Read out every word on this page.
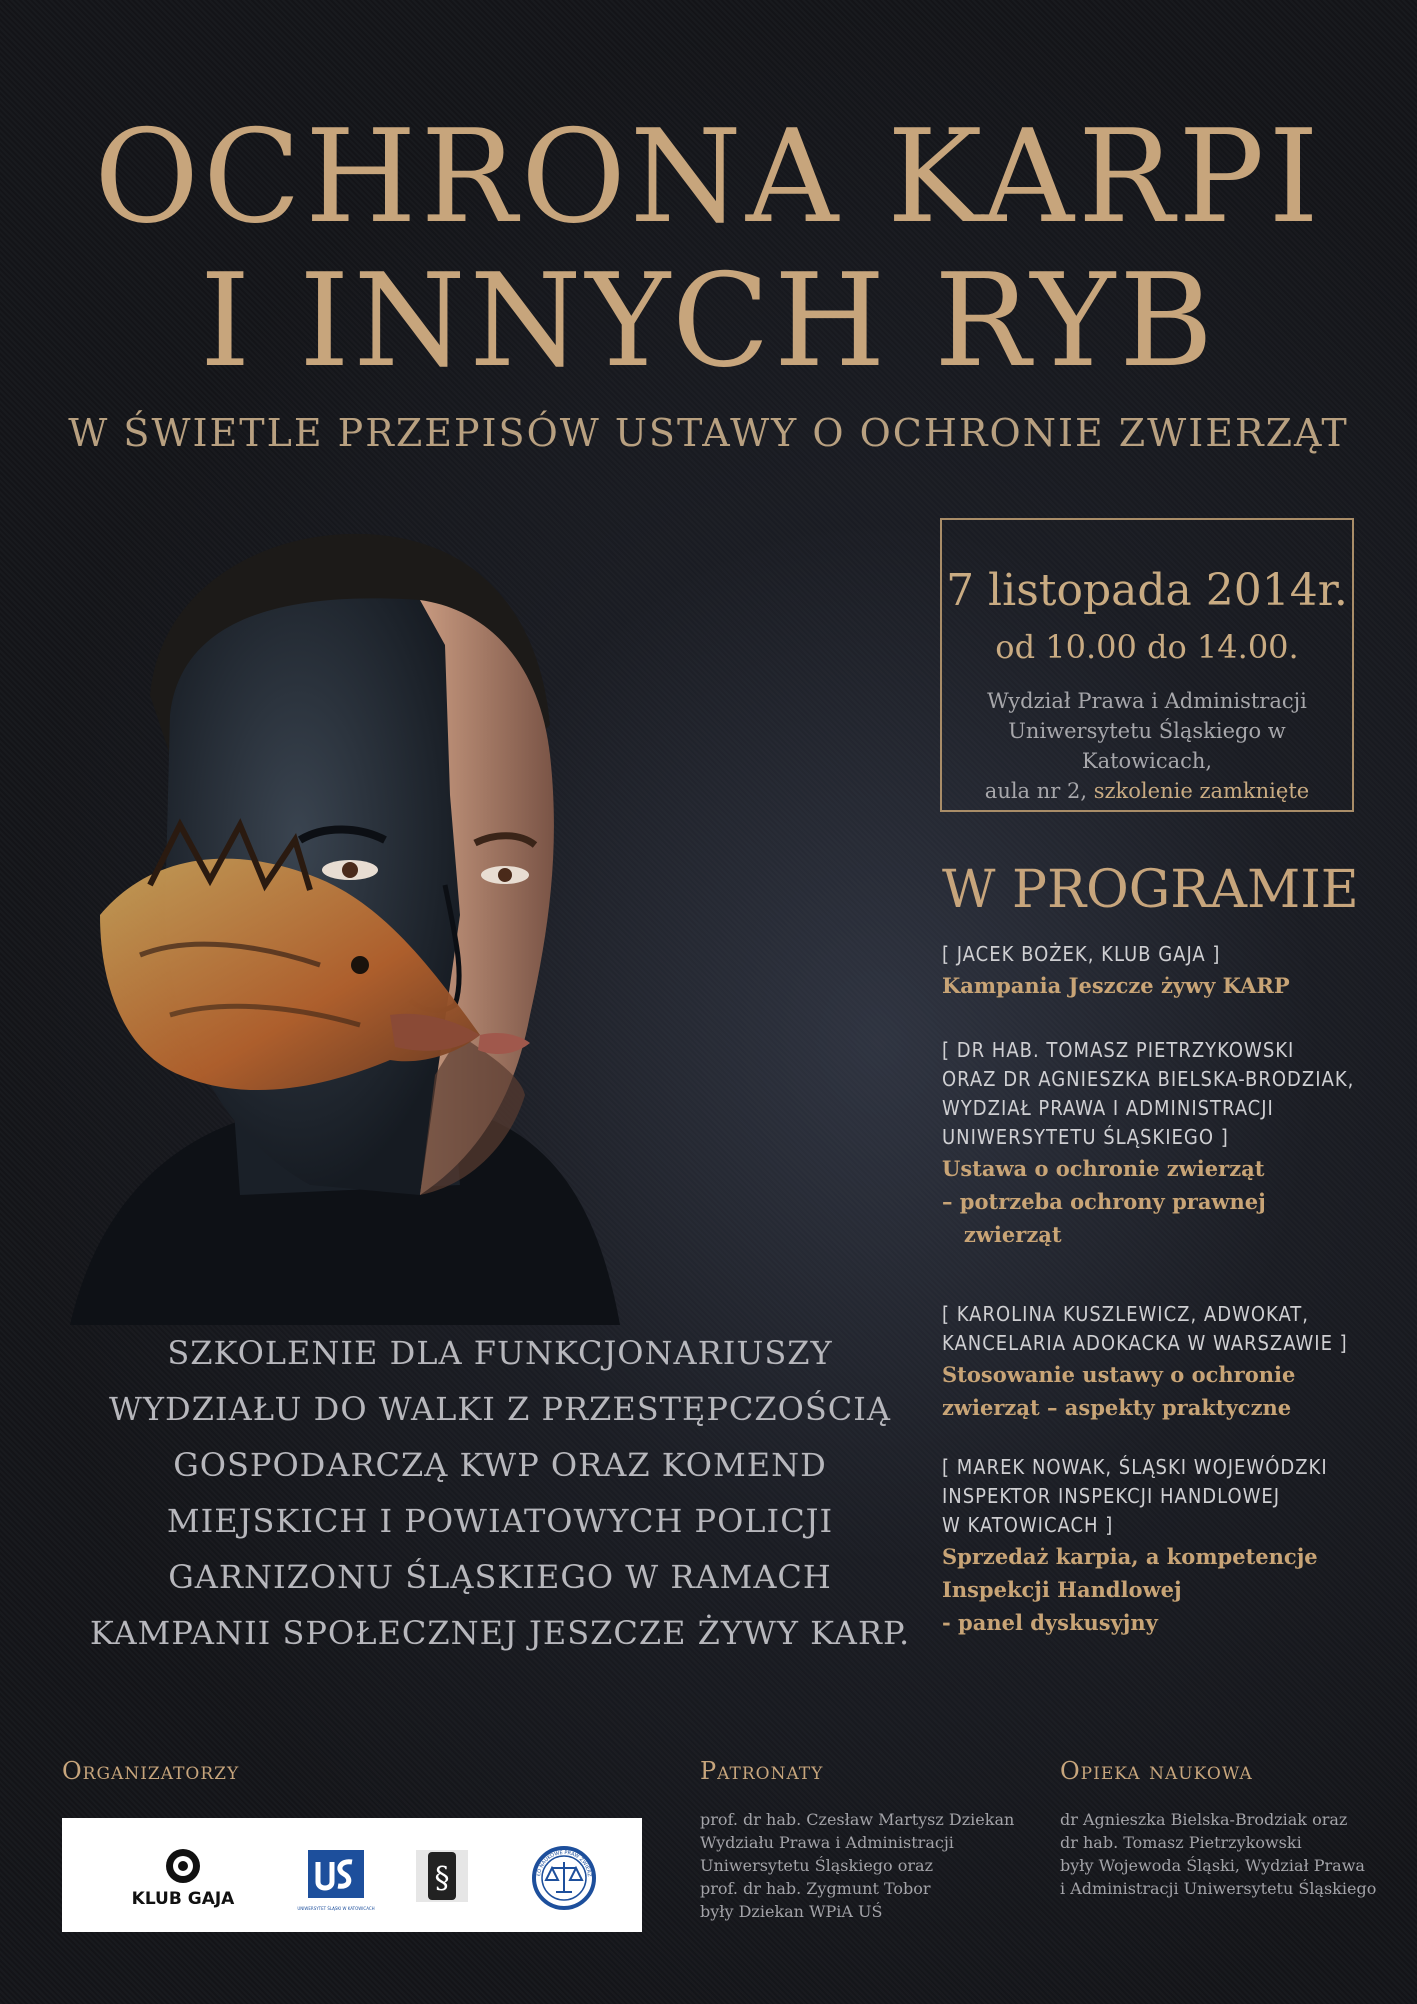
OCHRONA KARPI
I INNYCH RYB
W ŚWIETLE PRZEPISÓW USTAWY O OCHRONIE ZWIERZĄT
7 listopada 2014r.
od 10.00 do 14.00.
Wydział Prawa i Administracji
Uniwersytetu Śląskiego w Katowicach,
aula nr 2, szkolenie zamknięte
W PROGRAMIE
[ JACEK BOŻEK, KLUB GAJA ]
Kampania Jeszcze żywy KARP
[ DR HAB. TOMASZ PIETRZYKOWSKI
ORAZ DR AGNIESZKA BIELSKA-BRODZIAK,
WYDZIAŁ PRAWA I ADMINISTRACJI
UNIWERSYTETU ŚLĄSKIEGO ]
Ustawa o ochronie zwierząt
– potrzeba ochrony prawnej
zwierząt
[ KAROLINA KUSZLEWICZ, ADWOKAT,
KANCELARIA ADOKACKA W WARSZAWIE ]
Stosowanie ustawy o ochronie
zwierząt – aspekty praktyczne
[ MAREK NOWAK, ŚLĄSKI WOJEWÓDZKI
INSPEKTOR INSPEKCJI HANDLOWEJ
W KATOWICACH ]
Sprzedaż karpia, a kompetencje
Inspekcji Handlowej
- panel dyskusyjny
SZKOLENIE DLA FUNKCJONARIUSZY
WYDZIAŁU DO WALKI Z PRZESTĘPCZOŚCIĄ
GOSPODARCZĄ KWP ORAZ KOMEND
MIEJSKICH I POWIATOWYCH POLICJI
GARNIZONU ŚLĄSKIEGO W RAMACH
KAMPANII SPOŁECZNEJ JESZCZE ŻYWY KARP.
Organizatorzy
KLUB GAJA	UNIWERSYTET ŚLĄSKI W KATOWICACH
§	ŁO NAUKOWE PRAW ZWIERZ
Patronaty
prof. dr hab. Czesław Martysz Dziekan
Wydziału Prawa i Administracji
Uniwersytetu Śląskiego oraz
prof. dr hab. Zygmunt Tobor
były Dziekan WPiA UŚ
Opieka naukowa
dr Agnieszka Bielska-Brodziak oraz
dr hab. Tomasz Pietrzykowski
były Wojewoda Śląski, Wydział Prawa
i Administracji Uniwersytetu Śląskiego
